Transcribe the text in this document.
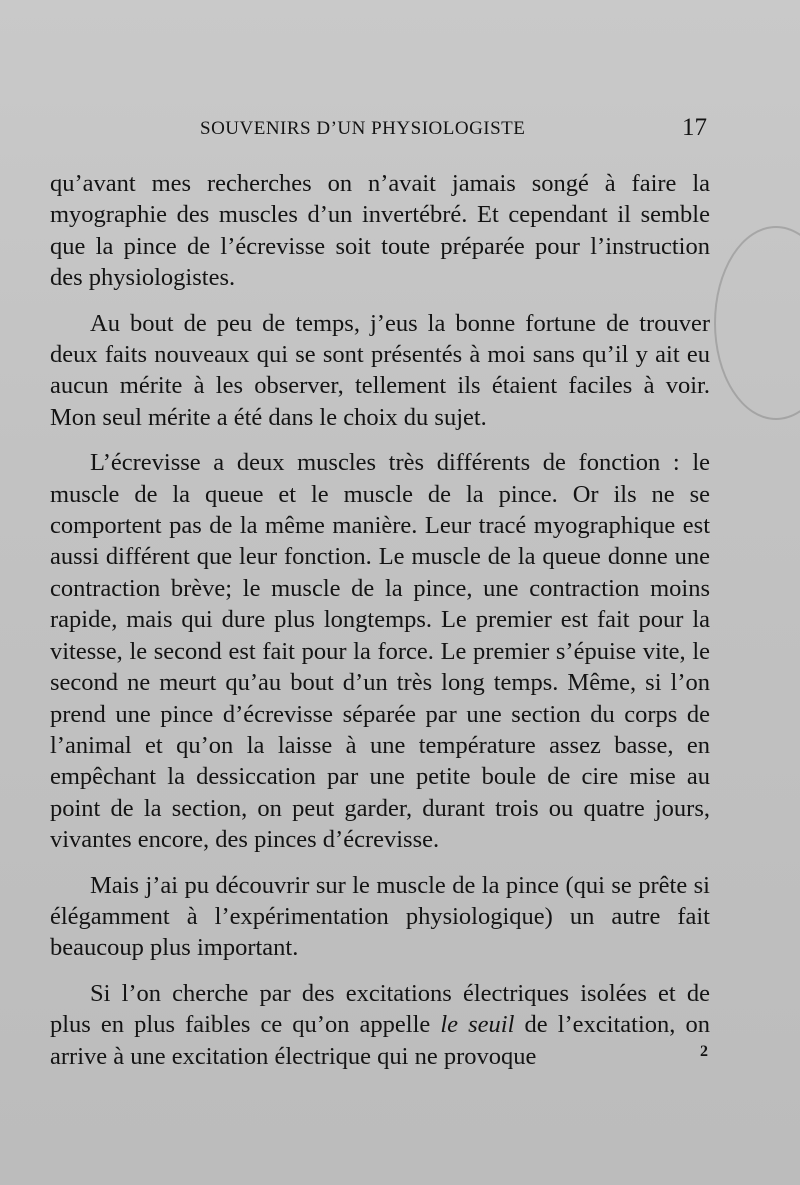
SOUVENIRS D’UN PHYSIOLOGISTE	17

qu’avant mes recherches on n’avait jamais songé à faire la myographie des muscles d’un invertébré. Et cependant il semble que la pince de l’écrevisse soit toute préparée pour l’instruction des physiologistes.

Au bout de peu de temps, j’eus la bonne fortune de trouver deux faits nouveaux qui se sont présentés à moi sans qu’il y ait eu aucun mérite à les observer, tellement ils étaient faciles à voir. Mon seul mérite a été dans le choix du sujet.

L’écrevisse a deux muscles très différents de fonction : le muscle de la queue et le muscle de la pince. Or ils ne se comportent pas de la même manière. Leur tracé myographique est aussi différent que leur fonction. Le muscle de la queue donne une contraction brève; le muscle de la pince, une contraction moins rapide, mais qui dure plus longtemps. Le premier est fait pour la vitesse, le second est fait pour la force. Le premier s’épuise vite, le second ne meurt qu’au bout d’un très long temps. Même, si l’on prend une pince d’écrevisse séparée par une section du corps de l’animal et qu’on la laisse à une température assez basse, en empêchant la dessiccation par une petite boule de cire mise au point de la section, on peut garder, durant trois ou quatre jours, vivantes encore, des pinces d’écrevisse.

Mais j’ai pu découvrir sur le muscle de la pince (qui se prête si élégamment à l’expérimentation physiologique) un autre fait beaucoup plus important.

Si l’on cherche par des excitations électriques isolées et de plus en plus faibles ce qu’on appelle le seuil de l’excitation, on arrive à une excitation électrique qui ne provoque	2
